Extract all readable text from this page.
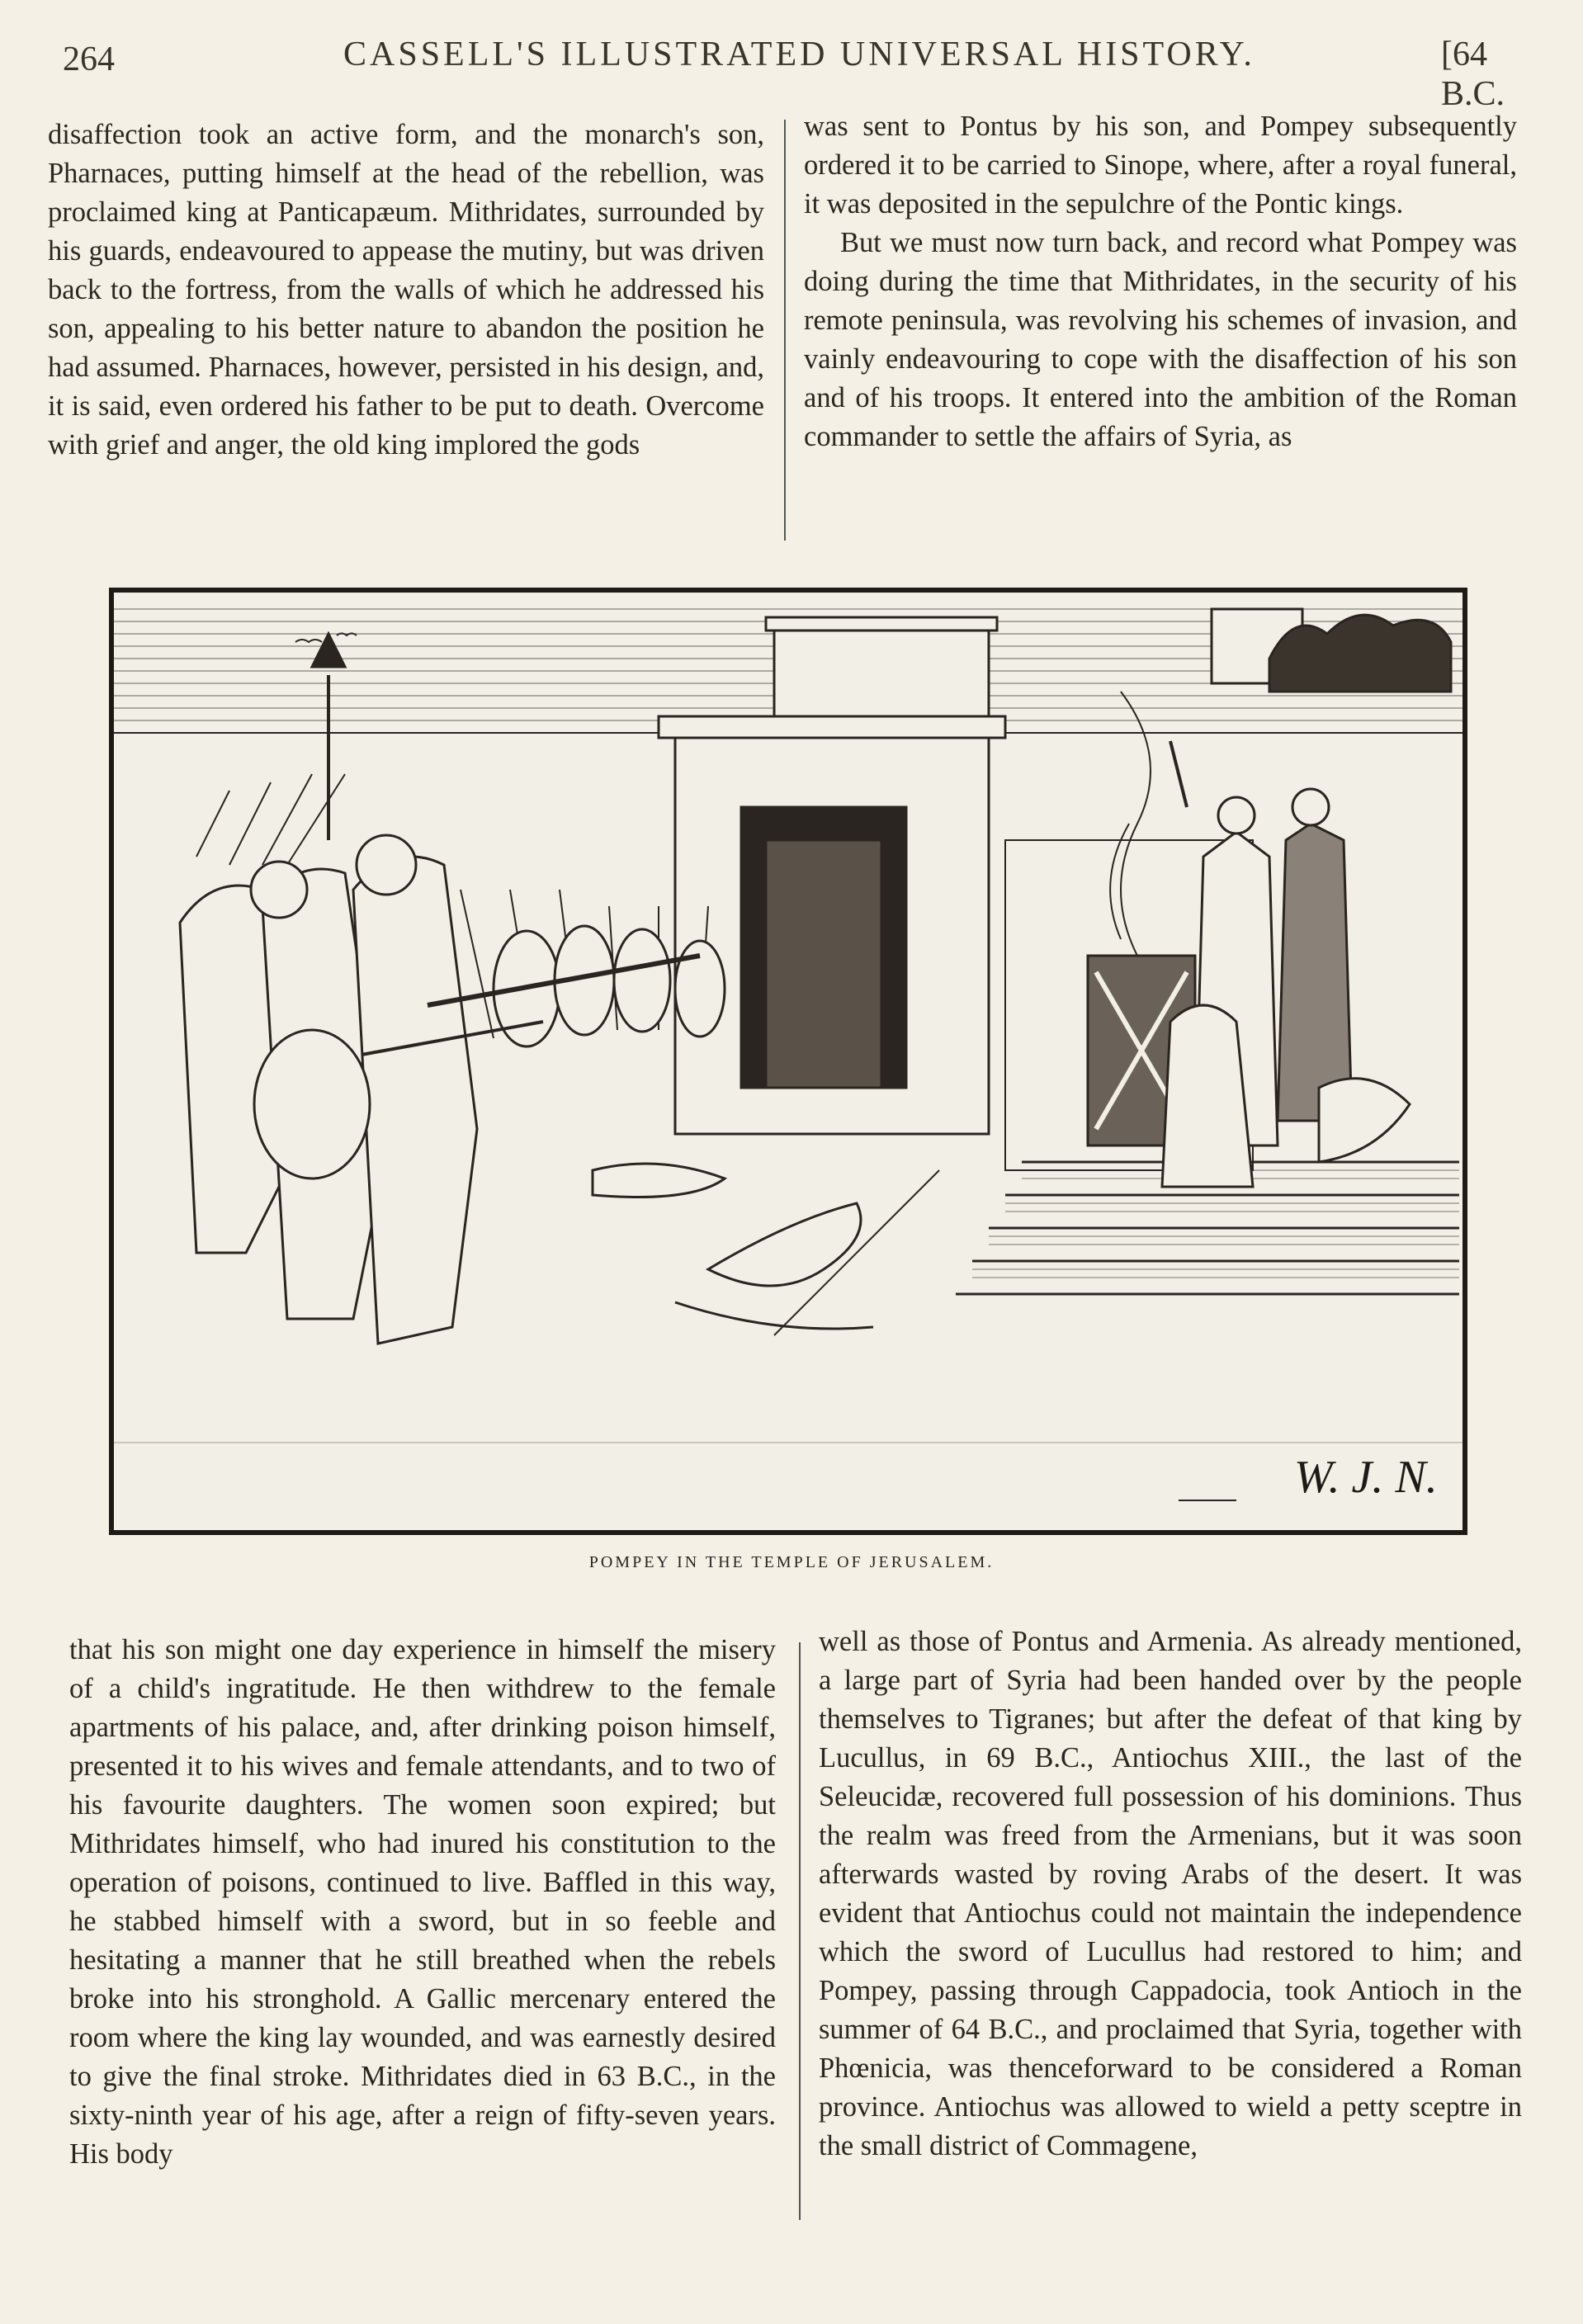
264	CASSELL'S ILLUSTRATED UNIVERSAL HISTORY.	[64 B.C.

disaffection took an active form, and the monarch's son, Pharnaces, putting himself at the head of the rebellion, was proclaimed king at Panticapæum. Mithridates, surrounded by his guards, endeavoured to appease the mutiny, but was driven back to the fortress, from the walls of which he addressed his son, appealing to his better nature to abandon the position he had assumed. Pharnaces, however, persisted in his design, and, it is said, even ordered his father to be put to death. Overcome with grief and anger, the old king implored the gods

was sent to Pontus by his son, and Pompey subsequently ordered it to be carried to Sinope, where, after a royal funeral, it was deposited in the sepulchre of the Pontic kings.

But we must now turn back, and record what Pompey was doing during the time that Mithridates, in the security of his remote peninsula, was revolving his schemes of invasion, and vainly endeavouring to cope with the disaffection of his son and of his troops. It entered into the ambition of the Roman commander to settle the affairs of Syria, as

W. J. N.
POMPEY IN THE TEMPLE OF JERUSALEM.

that his son might one day experience in himself the misery of a child's ingratitude. He then withdrew to the female apartments of his palace, and, after drinking poison himself, presented it to his wives and female attendants, and to two of his favourite daughters. The women soon expired; but Mithridates himself, who had inured his constitution to the operation of poisons, continued to live. Baffled in this way, he stabbed himself with a sword, but in so feeble and hesitating a manner that he still breathed when the rebels broke into his stronghold. A Gallic mercenary entered the room where the king lay wounded, and was earnestly desired to give the final stroke. Mithridates died in 63 B.C., in the sixty-ninth year of his age, after a reign of fifty-seven years. His body

well as those of Pontus and Armenia. As already mentioned, a large part of Syria had been handed over by the people themselves to Tigranes; but after the defeat of that king by Lucullus, in 69 B.C., Antiochus XIII., the last of the Seleucidæ, recovered full possession of his dominions. Thus the realm was freed from the Armenians, but it was soon afterwards wasted by roving Arabs of the desert. It was evident that Antiochus could not maintain the independence which the sword of Lucullus had restored to him; and Pompey, passing through Cappadocia, took Antioch in the summer of 64 B.C., and proclaimed that Syria, together with Phœnicia, was thenceforward to be considered a Roman province. Antiochus was allowed to wield a petty sceptre in the small district of Commagene,
